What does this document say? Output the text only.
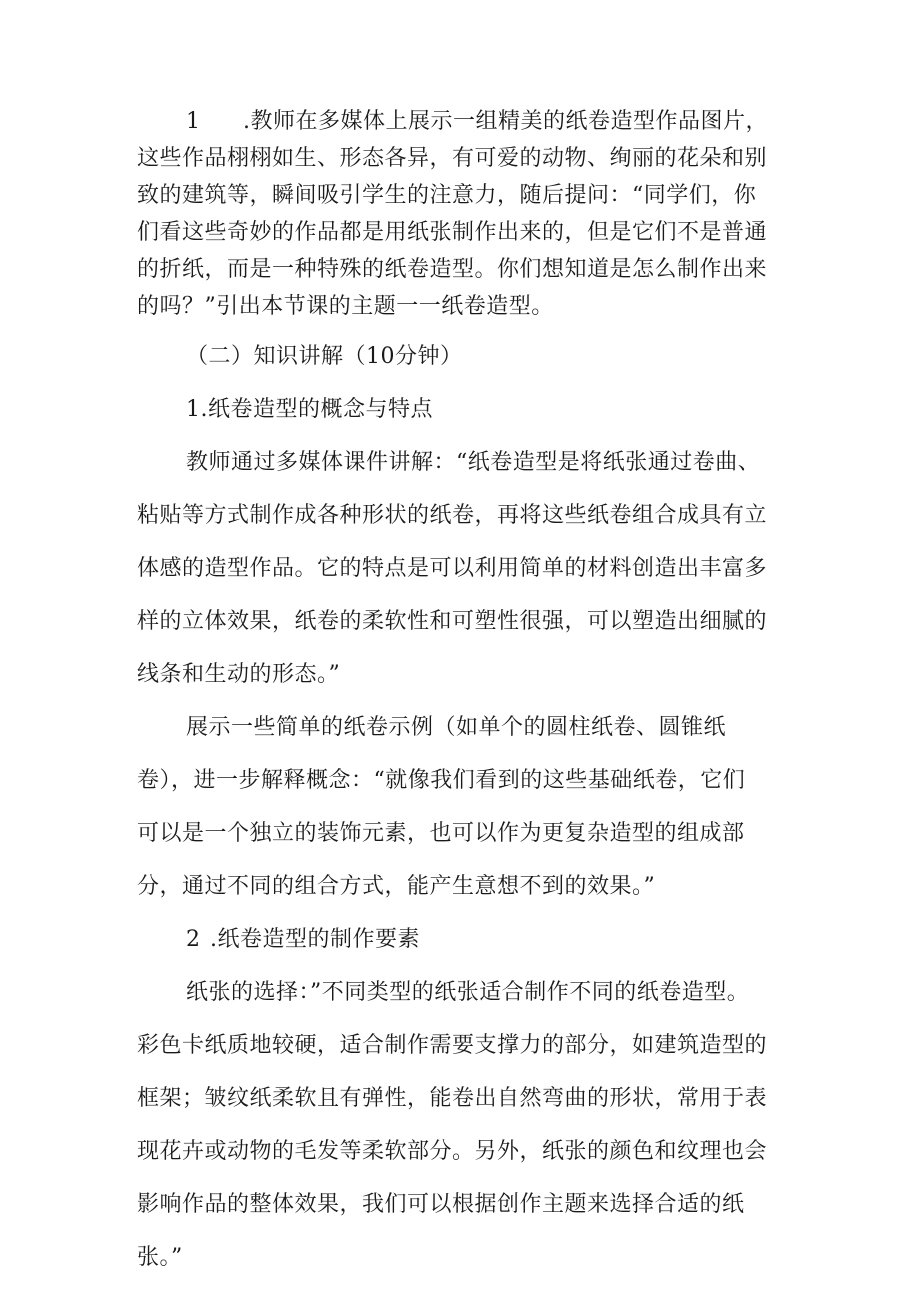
1 .教师在多媒体上展示一组精美的纸卷造型作品图片，
这些作品栩栩如生、形态各异，有可爱的动物、绚丽的花朵和别
致的建筑等，瞬间吸引学生的注意力，随后提问：“同学们，你
们看这些奇妙的作品都是用纸张制作出来的，但是它们不是普通
的折纸，而是一种特殊的纸卷造型。你们想知道是怎么制作出来
的吗？”引出本节课的主题一一纸卷造型。
（二）知识讲解（10分钟）
1.纸卷造型的概念与特点
教师通过多媒体课件讲解：“纸卷造型是将纸张通过卷曲、
粘贴等方式制作成各种形状的纸卷，再将这些纸卷组合成具有立
体感的造型作品。它的特点是可以利用简单的材料创造出丰富多
样的立体效果，纸卷的柔软性和可塑性很强，可以塑造出细腻的
线条和生动的形态。”
展示一些简单的纸卷示例（如单个的圆柱纸卷、圆锥纸
卷），进一步解释概念：“就像我们看到的这些基础纸卷，它们
可以是一个独立的装饰元素，也可以作为更复杂造型的组成部
分，通过不同的组合方式，能产生意想不到的效果。”
2 .纸卷造型的制作要素
纸张的选择：”不同类型的纸张适合制作不同的纸卷造型。
彩色卡纸质地较硬，适合制作需要支撑力的部分，如建筑造型的
框架；皱纹纸柔软且有弹性，能卷出自然弯曲的形状，常用于表
现花卉或动物的毛发等柔软部分。另外，纸张的颜色和纹理也会
影响作品的整体效果，我们可以根据创作主题来选择合适的纸
张。”
